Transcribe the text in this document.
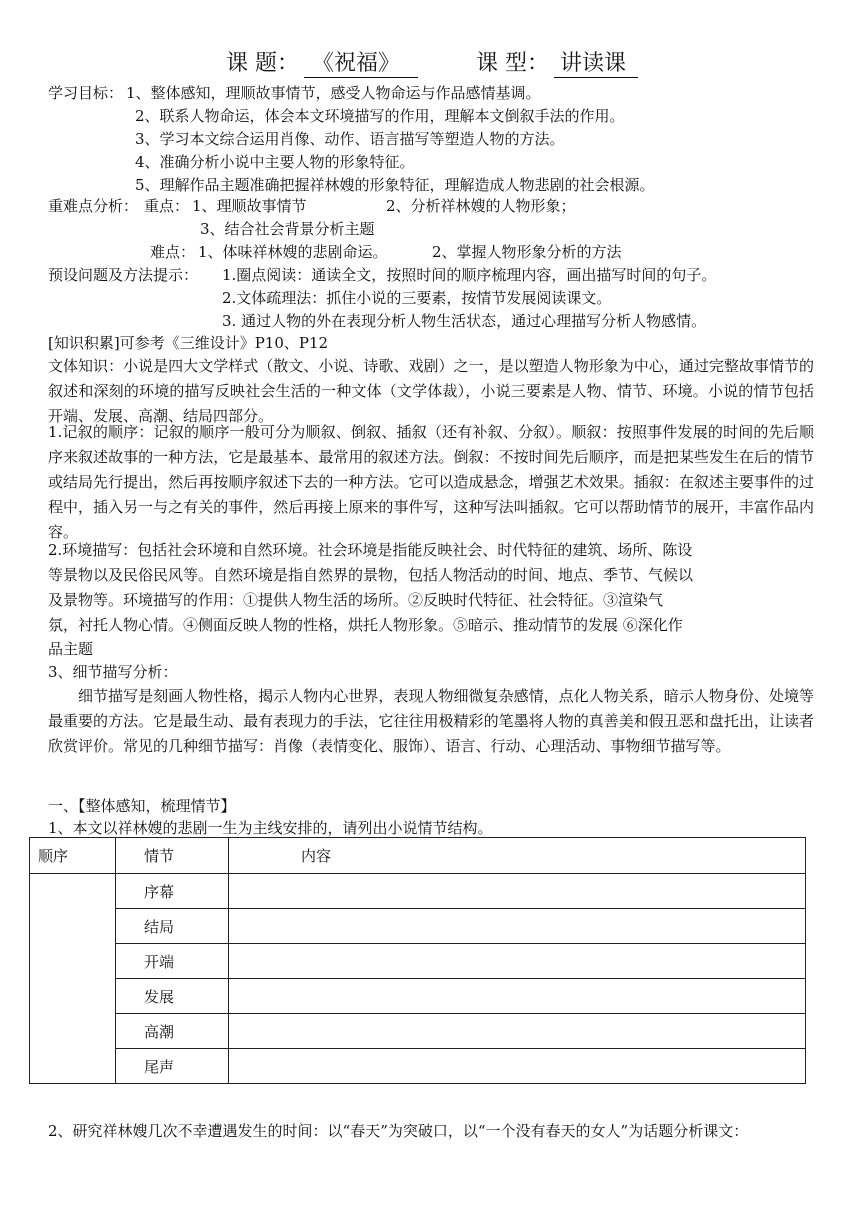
课 题： 《祝福》	课 型： 讲读课
学习目标： 1、整体感知，理顺故事情节，感受人物命运与作品感情基调。
2、联系人物命运，体会本文环境描写的作用，理解本文倒叙手法的作用。
3、学习本文综合运用肖像、动作、语言描写等塑造人物的方法。
4、准确分析小说中主要人物的形象特征。
5、理解作品主题准确把握祥林嫂的形象特征，理解造成人物悲剧的社会根源。
重难点分析： 重点： 1、理顺故事情节	2、分析祥林嫂的人物形象；
3、结合社会背景分析主题
难点： 1、体味祥林嫂的悲剧命运。	2、掌握人物形象分析的方法
预设问题及方法提示： 1.圈点阅读：通读全文，按照时间的顺序梳理内容，画出描写时间的句子。
2.文体疏理法：抓住小说的三要素，按情节发展阅读课文。
3. 通过人物的外在表现分析人物生活状态，通过心理描写分析人物感情。
[知识积累]可参考《三维设计》P10、P12
文体知识：小说是四大文学样式（散文、小说、诗歌、戏剧）之一，是以塑造人物形象为中心，通过完整故事情节的叙述和深刻的环境的描写反映社会生活的一种文体（文学体裁），小说三要素是人物、情节、环境。小说的情节包括开端、发展、高潮、结局四部分。
1.记叙的顺序：记叙的顺序一般可分为顺叙、倒叙、插叙（还有补叙、分叙）。顺叙：按照事件发展的时间的先后顺序来叙述故事的一种方法，它是最基本、最常用的叙述方法。倒叙：不按时间先后顺序，而是把某些发生在后的情节或结局先行提出，然后再按顺序叙述下去的一种方法。它可以造成悬念，增强艺术效果。插叙：在叙述主要事件的过程中，插入另一与之有关的事件，然后再接上原来的事件写，这种写法叫插叙。它可以帮助情节的展开，丰富作品内容。
2.环境描写：包括社会环境和自然环境。社会环境是指能反映社会、时代特征的建筑、场所、陈设
等景物以及民俗民风等。自然环境是指自然界的景物，包括人物活动的时间、地点、季节、气候以
及景物等。环境描写的作用：①提供人物生活的场所。②反映时代特征、社会特征。③渲染气
氛，衬托人物心情。④侧面反映人物的性格，烘托人物形象。⑤暗示、推动情节的发展 ⑥深化作
品主题
3、细节描写分析：
细节描写是刻画人物性格，揭示人物内心世界，表现人物细微复杂感情，点化人物关系，暗示人物身份、处境等最重要的方法。它是最生动、最有表现力的手法，它往往用极精彩的笔墨将人物的真善美和假丑恶和盘托出，让读者欣赏评价。常见的几种细节描写：肖像（表情变化、服饰）、语言、行动、心理活动、事物细节描写等。
一、【整体感知，梳理情节】
1、本文以祥林嫂的悲剧一生为主线安排的，请列出小说情节结构。
顺序	情节	内容
	序幕	
	结局	
	开端	
	发展	
	高潮	
	尾声	
2、研究祥林嫂几次不幸遭遇发生的时间：以“春天”为突破口，以“一个没有春天的女人”为话题分析课文：
